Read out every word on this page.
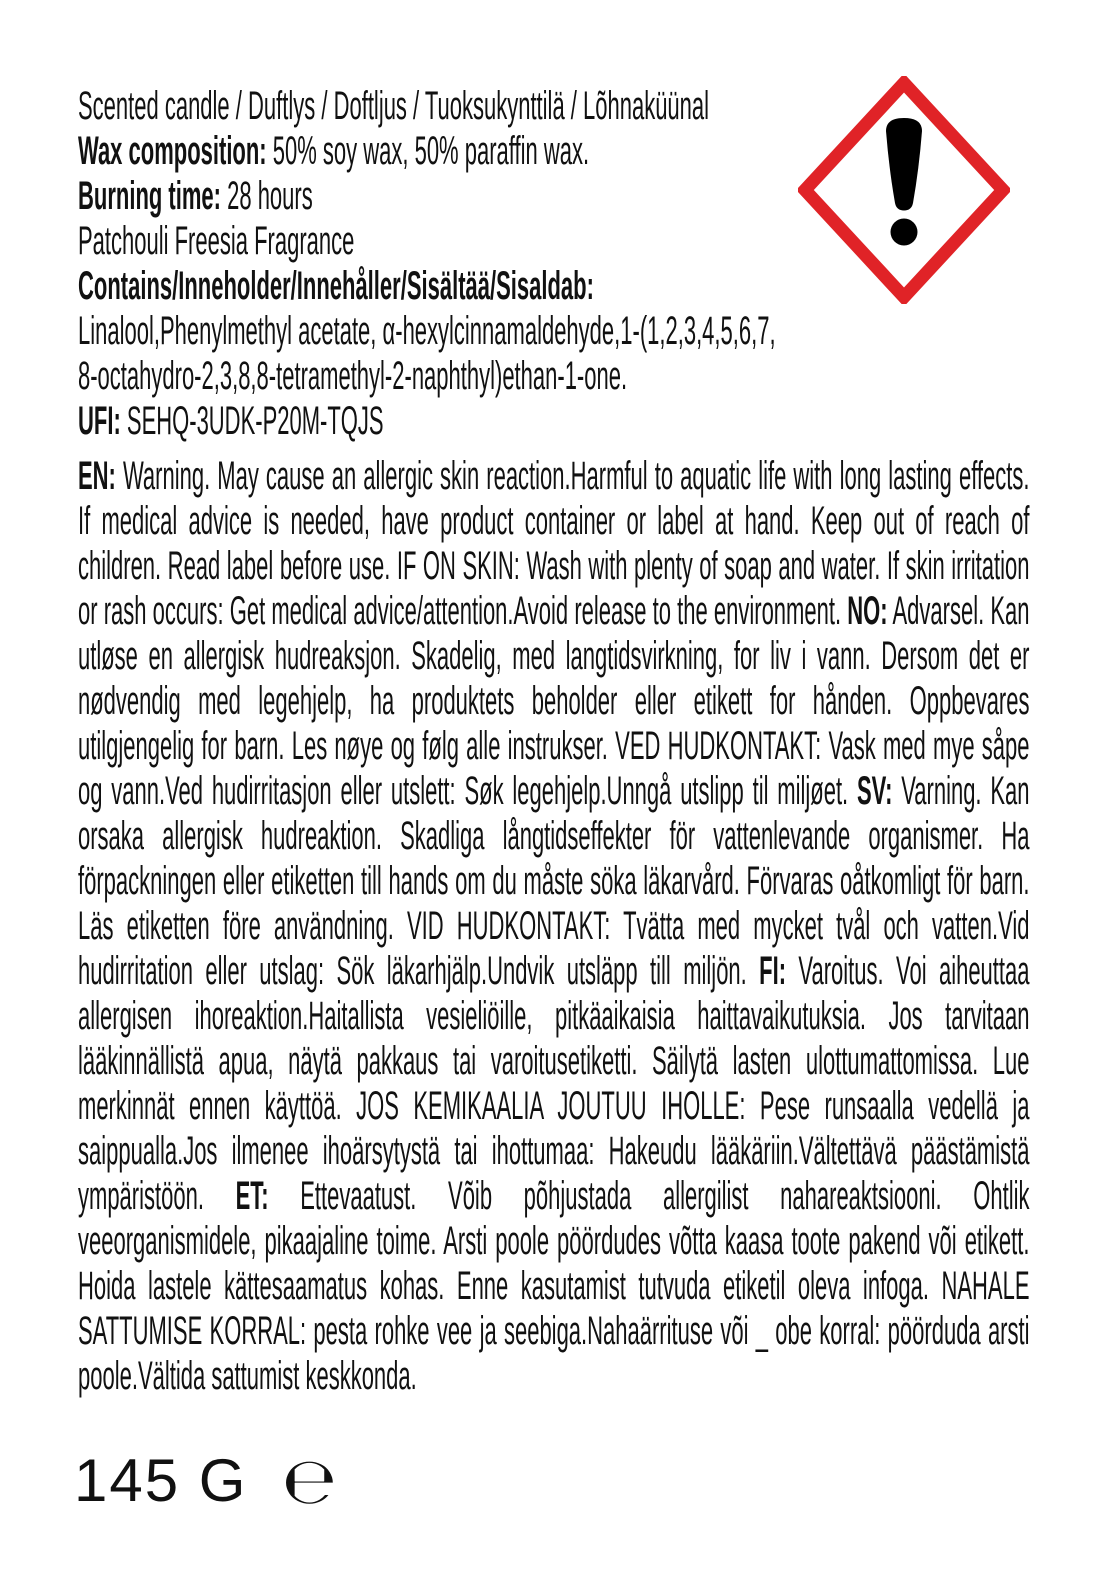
Scented candle / Duftlys / Doftljus / Tuoksukynttilä / Lõhnaküünal
Wax composition: 50% soy wax, 50% paraffin wax.
Burning time: 28 hours
Patchouli Freesia Fragrance
Contains/Inneholder/Innehåller/Sisältää/Sisaldab:
Linalool,Phenylmethyl acetate, α-hexylcinnamaldehyde,1-(1,2,3,4,5,6,7,
8-octahydro-2,3,8,8-tetramethyl-2-naphthyl)ethan-1-one.
UFI: SEHQ-3UDK-P20M-TQJS
EN: Warning. May cause an allergic skin reaction.Harmful to aquatic life with long lasting effects. If medical advice is needed, have product container or label at hand. Keep out of reach of children. Read label before use. IF ON SKIN: Wash with plenty of soap and water. If skin irritation or rash occurs: Get medical advice/attention.Avoid release to the environment. NO: Advarsel. Kan utløse en allergisk hudreaksjon. Skadelig, med langtidsvirkning, for liv i vann. Dersom det er nødvendig med legehjelp, ha produktets beholder eller etikett for hånden. Oppbevares utilgjengelig for barn. Les nøye og følg alle instrukser. VED HUDKONTAKT: Vask med mye såpe og vann.Ved hudirritasjon eller utslett: Søk legehjelp.Unngå utslipp til miljøet. SV: Varning. Kan orsaka allergisk hudreaktion. Skadliga långtidseffekter för vattenlevande organismer. Ha förpackningen eller etiketten till hands om du måste söka läkarvård. Förvaras oåtkomligt för barn. Läs etiketten före användning. VID HUDKONTAKT: Tvätta med mycket tvål och vatten.Vid hudirritation eller utslag: Sök läkarhjälp.Undvik utsläpp till miljön. FI: Varoitus. Voi aiheuttaa allergisen ihoreaktion.Haitallista vesieliöille, pitkäaikaisia haittavaikutuksia. Jos tarvitaan lääkinnällistä apua, näytä pakkaus tai varoitusetiketti. Säilytä lasten ulottumattomissa. Lue merkinnät ennen käyttöä. JOS KEMIKAALIA JOUTUU IHOLLE: Pese runsaalla vedellä ja saippualla.Jos ilmenee ihoärsytystä tai ihottumaa: Hakeudu lääkäriin.Vältettävä päästämistä ympäristöön. ET: Ettevaatust. Võib põhjustada allergilist nahareaktsiooni. Ohtlik veeorganismidele, pikaajaline toime. Arsti poole pöördudes võtta kaasa toote pakend või etikett. Hoida lastele kättesaamatus kohas. Enne kasutamist tutvuda etiketil oleva infoga. NAHALE SATTUMISE KORRAL: pesta rohke vee ja seebiga.Nahaärrituse või _ obe korral: pöörduda arsti poole.Vältida sattumist keskkonda.
145 G ℮
